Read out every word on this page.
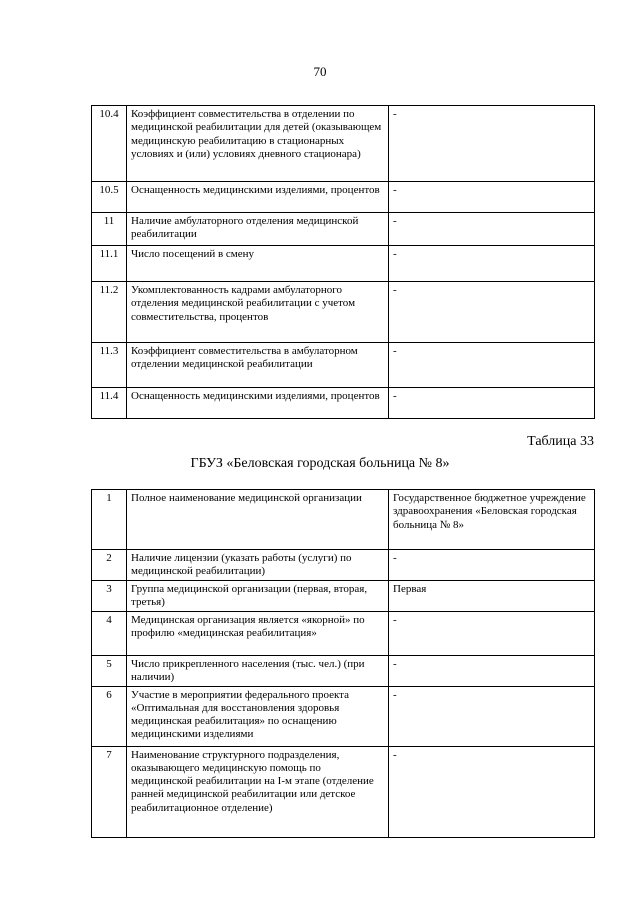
70
10.4	Коэффициент совместительства в отделении по медицинской реабилитации для детей (оказывающем медицинскую реабилитацию в стационарных условиях и (или) условиях дневного стационара)	-
10.5	Оснащенность медицинскими изделиями, процентов	-
11	Наличие амбулаторного отделения медицинской реабилитации	-
11.1	Число посещений в смену	-
11.2	Укомплектованность кадрами амбулаторного отделения медицинской реабилитации с учетом совместительства, процентов	-
11.3	Коэффициент совместительства в амбулаторном отделении медицинской реабилитации	-
11.4	Оснащенность медицинскими изделиями, процентов	-
Таблица 33
ГБУЗ «Беловская городская больница № 8»
1	Полное наименование медицинской организации	Государственное бюджетное учреждение здравоохранения «Беловская городская больница № 8»
2	Наличие лицензии (указать работы (услуги) по медицинской реабилитации)	-
3	Группа медицинской организации (первая, вторая, третья)	Первая
4	Медицинская организация является «якорной» по профилю «медицинская реабилитация»	-
5	Число прикрепленного населения (тыс. чел.) (при наличии)	-
6	Участие в мероприятии федерального проекта «Оптимальная для восстановления здоровья медицинская реабилитация» по оснащению медицинскими изделиями	-
7	Наименование структурного подразделения, оказывающего медицинскую помощь по медицинской реабилитации на I-м этапе (отделение ранней медицинской реабилитации или детское реабилитационное отделение)	-
